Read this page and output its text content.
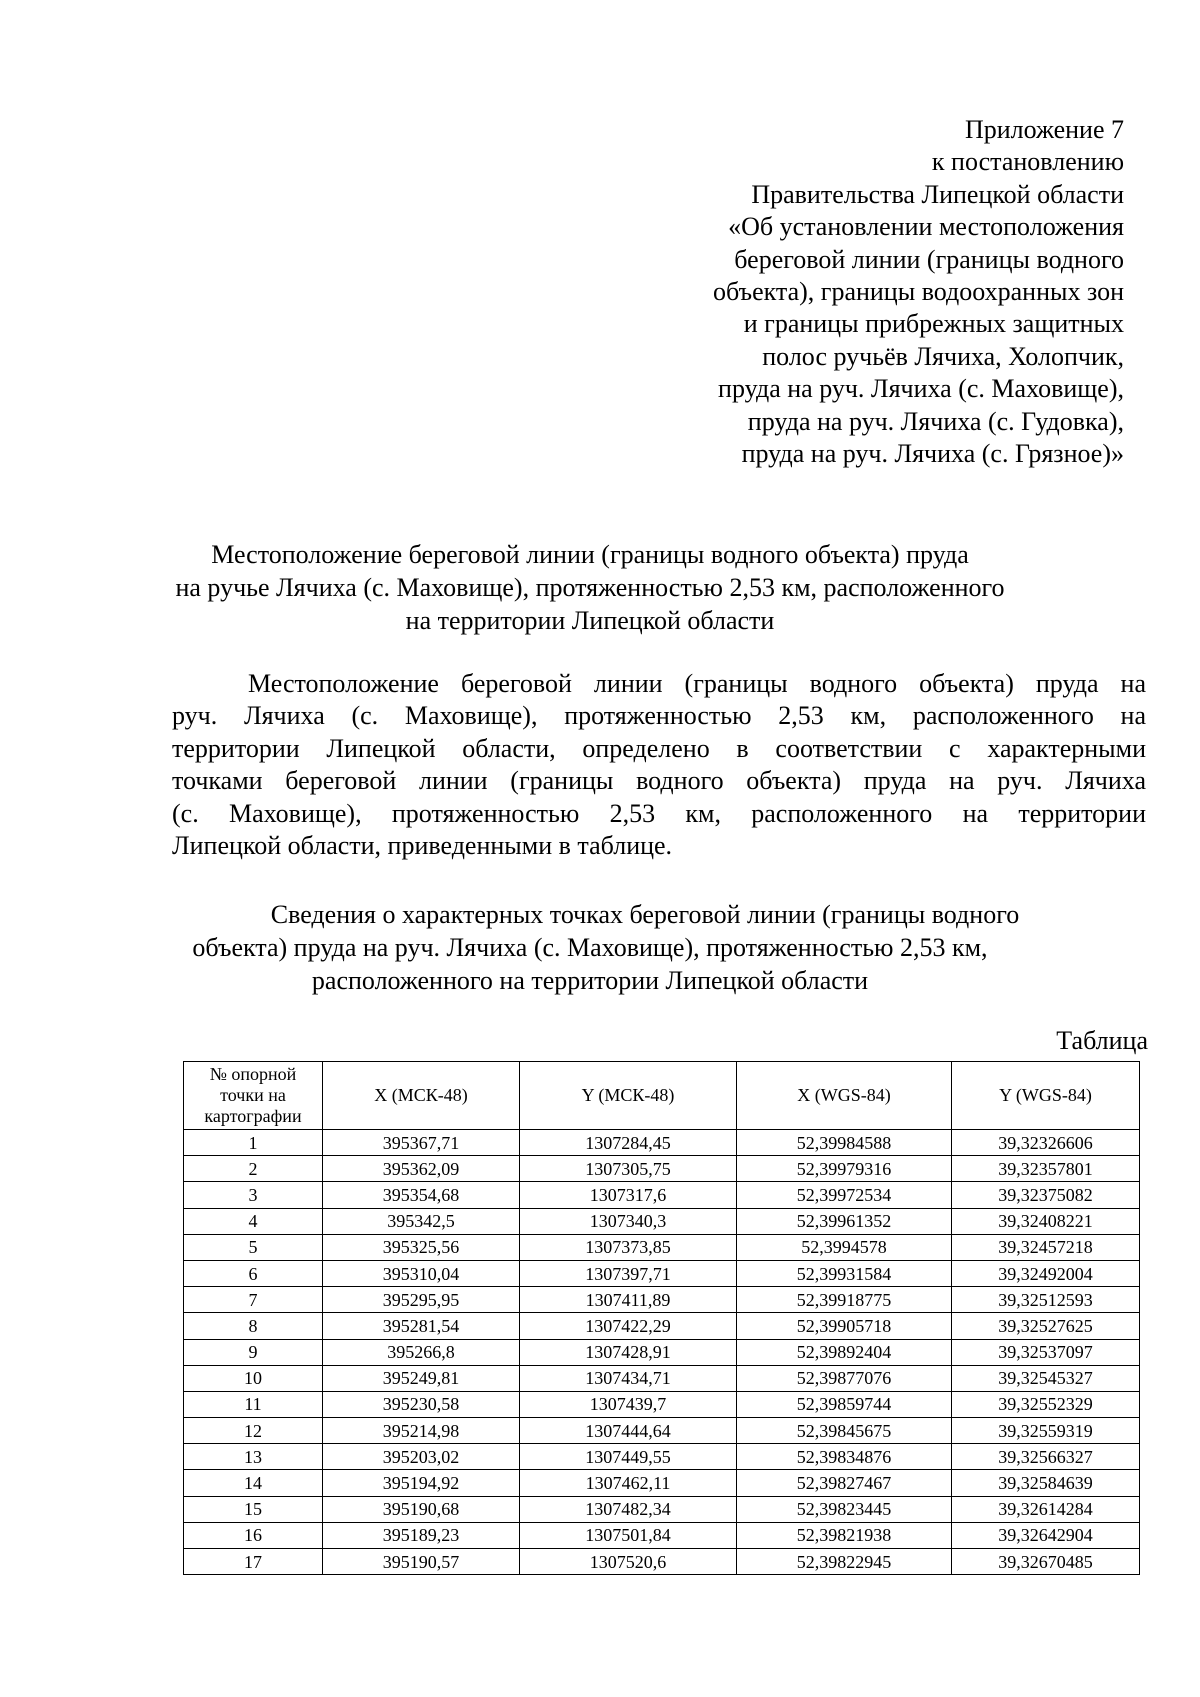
Приложение 7
к постановлению
Правительства Липецкой области
«Об установлении местоположения
береговой линии (границы водного
объекта), границы водоохранных зон
и границы прибрежных защитных
полос ручьёв Лячиха, Холопчик,
пруда на руч. Лячиха (с. Маховище),
пруда на руч. Лячиха (с. Гудовка),
пруда на руч. Лячиха (с. Грязное)»
Местоположение береговой линии (границы водного объекта) пруда
на ручье Лячиха (с. Маховище), протяженностью 2,53 км, расположенного
на территории Липецкой области
Местоположение береговой линии (границы водного объекта) пруда на
руч. Лячиха (с. Маховище), протяженностью 2,53 км, расположенного на
территории Липецкой области, определено в соответствии с характерными
точками береговой линии (границы водного объекта) пруда на руч. Лячиха
(с. Маховище), протяженностью 2,53 км, расположенного на территории
Липецкой области, приведенными в таблице.
Сведения о характерных точках береговой линии (границы водного
объекта) пруда на руч. Лячиха (с. Маховище), протяженностью 2,53 км,
расположенного на территории Липецкой области
Таблица
№ опорной
точки на
картографии	X (МСК-48)	Y (МСК-48)	X (WGS-84)	Y (WGS-84)
1	395367,71	1307284,45	52,39984588	39,32326606
2	395362,09	1307305,75	52,39979316	39,32357801
3	395354,68	1307317,6	52,39972534	39,32375082
4	395342,5	1307340,3	52,39961352	39,32408221
5	395325,56	1307373,85	52,3994578	39,32457218
6	395310,04	1307397,71	52,39931584	39,32492004
7	395295,95	1307411,89	52,39918775	39,32512593
8	395281,54	1307422,29	52,39905718	39,32527625
9	395266,8	1307428,91	52,39892404	39,32537097
10	395249,81	1307434,71	52,39877076	39,32545327
11	395230,58	1307439,7	52,39859744	39,32552329
12	395214,98	1307444,64	52,39845675	39,32559319
13	395203,02	1307449,55	52,39834876	39,32566327
14	395194,92	1307462,11	52,39827467	39,32584639
15	395190,68	1307482,34	52,39823445	39,32614284
16	395189,23	1307501,84	52,39821938	39,32642904
17	395190,57	1307520,6	52,39822945	39,32670485
